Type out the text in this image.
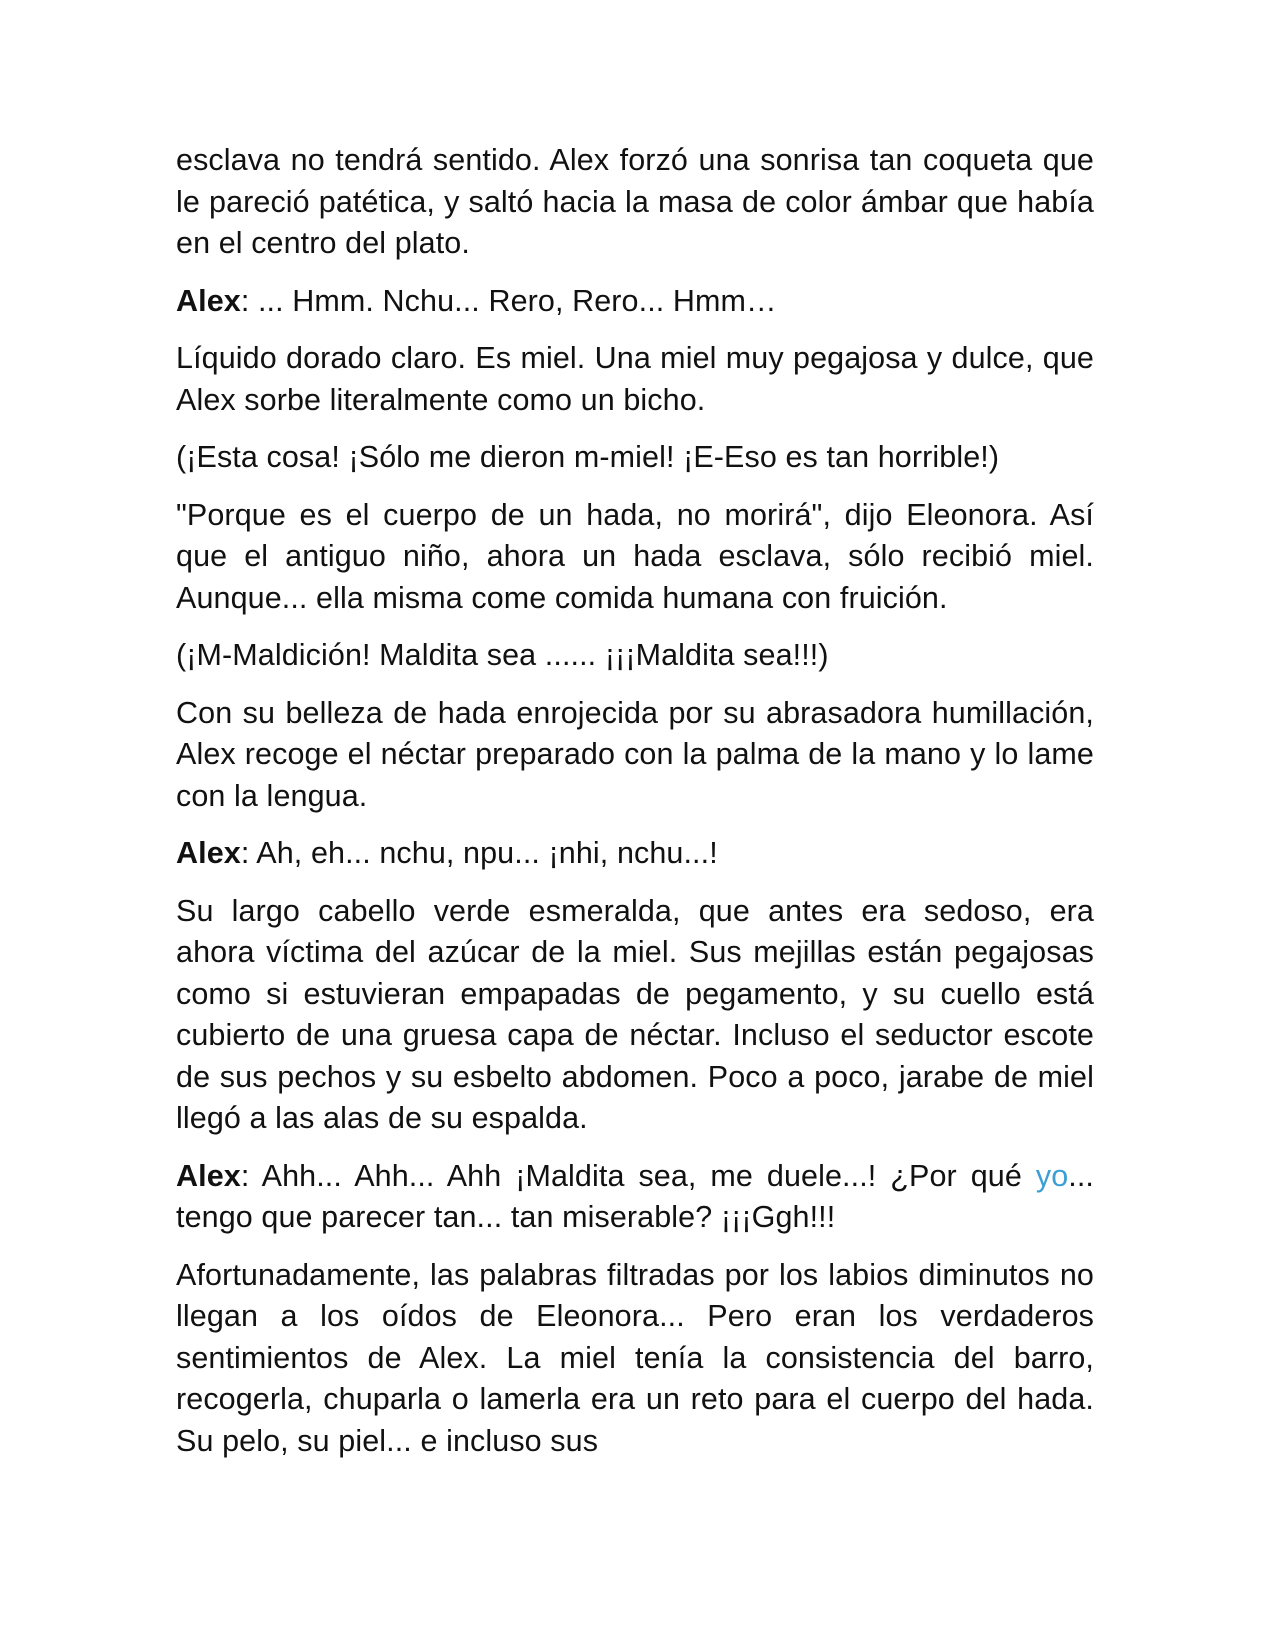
esclava no tendrá sentido. Alex forzó una sonrisa tan coqueta que le pareció patética, y saltó hacia la masa de color ámbar que había en el centro del plato.

Alex: ... Hmm. Nchu... Rero, Rero... Hmm…

Líquido dorado claro. Es miel. Una miel muy pegajosa y dulce, que Alex sorbe literalmente como un bicho.

(¡Esta cosa! ¡Sólo me dieron m-miel! ¡E-Eso es tan horrible!)

"Porque es el cuerpo de un hada, no morirá", dijo Eleonora. Así que el antiguo niño, ahora un hada esclava, sólo recibió miel. Aunque... ella misma come comida humana con fruición.

(¡M-Maldición! Maldita sea ...... ¡¡¡Maldita sea!!!)

Con su belleza de hada enrojecida por su abrasadora humillación, Alex recoge el néctar preparado con la palma de la mano y lo lame con la lengua.

Alex: Ah, eh... nchu, npu... ¡nhi, nchu...!

Su largo cabello verde esmeralda, que antes era sedoso, era ahora víctima del azúcar de la miel. Sus mejillas están pegajosas como si estuvieran empapadas de pegamento, y su cuello está cubierto de una gruesa capa de néctar. Incluso el seductor escote de sus pechos y su esbelto abdomen. Poco a poco, jarabe de miel llegó a las alas de su espalda.

Alex: Ahh... Ahh... Ahh ¡Maldita sea, me duele...! ¿Por qué yo... tengo que parecer tan... tan miserable? ¡¡¡Ggh!!!

Afortunadamente, las palabras filtradas por los labios diminutos no llegan a los oídos de Eleonora... Pero eran los verdaderos sentimientos de Alex. La miel tenía la consistencia del barro, recogerla, chuparla o lamerla era un reto para el cuerpo del hada. Su pelo, su piel... e incluso sus
